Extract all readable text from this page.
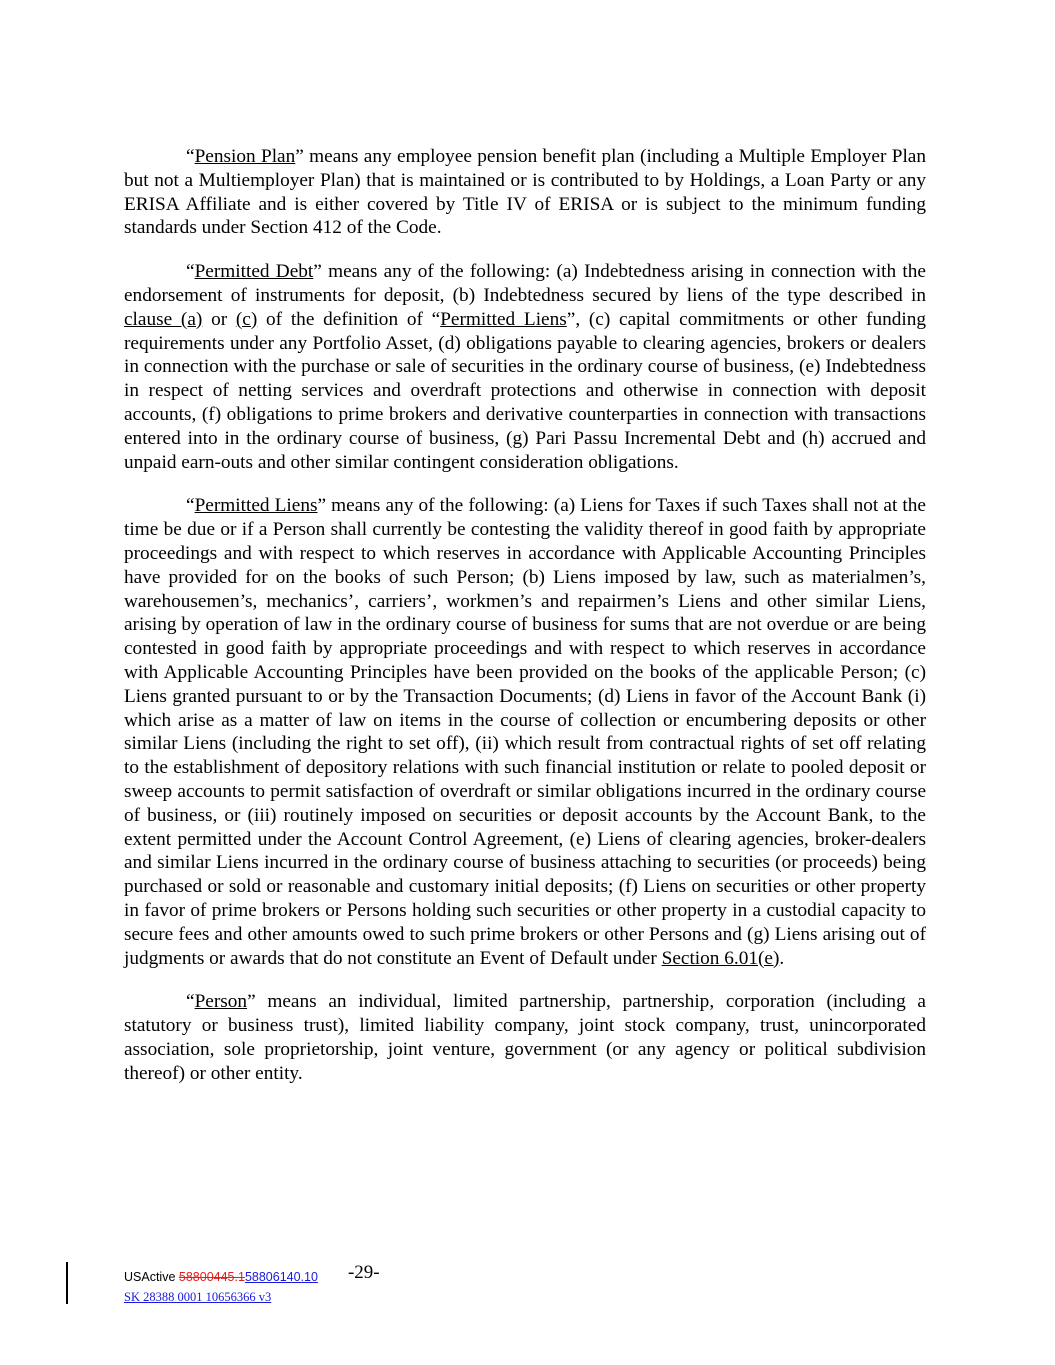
“Pension Plan” means any employee pension benefit plan (including a Multiple Employer Plan but not a Multiemployer Plan) that is maintained or is contributed to by Holdings, a Loan Party or any ERISA Affiliate and is either covered by Title IV of ERISA or is subject to the minimum funding standards under Section 412 of the Code.

“Permitted Debt” means any of the following: (a) Indebtedness arising in connection with the endorsement of instruments for deposit, (b) Indebtedness secured by liens of the type described in clause (a) or (c) of the definition of “Permitted Liens”, (c) capital commitments or other funding requirements under any Portfolio Asset, (d) obligations payable to clearing agencies, brokers or dealers in connection with the purchase or sale of securities in the ordinary course of business, (e) Indebtedness in respect of netting services and overdraft protections and otherwise in connection with deposit accounts, (f) obligations to prime brokers and derivative counterparties in connection with transactions entered into in the ordinary course of business, (g) Pari Passu Incremental Debt and (h) accrued and unpaid earn-outs and other similar contingent consideration obligations.

“Permitted Liens” means any of the following: (a) Liens for Taxes if such Taxes shall not at the time be due or if a Person shall currently be contesting the validity thereof in good faith by appropriate proceedings and with respect to which reserves in accordance with Applicable Accounting Principles have provided for on the books of such Person; (b) Liens imposed by law, such as materialmen’s, warehousemen’s, mechanics’, carriers’, workmen’s and repairmen’s Liens and other similar Liens, arising by operation of law in the ordinary course of business for sums that are not overdue or are being contested in good faith by appropriate proceedings and with respect to which reserves in accordance with Applicable Accounting Principles have been provided on the books of the applicable Person; (c) Liens granted pursuant to or by the Transaction Documents; (d) Liens in favor of the Account Bank (i) which arise as a matter of law on items in the course of collection or encumbering deposits or other similar Liens (including the right to set off), (ii) which result from contractual rights of set off relating to the establishment of depository relations with such financial institution or relate to pooled deposit or sweep accounts to permit satisfaction of overdraft or similar obligations incurred in the ordinary course of business, or (iii) routinely imposed on securities or deposit accounts by the Account Bank, to the extent permitted under the Account Control Agreement, (e) Liens of clearing agencies, broker-dealers and similar Liens incurred in the ordinary course of business attaching to securities (or proceeds) being purchased or sold or reasonable and customary initial deposits; (f) Liens on securities or other property in favor of prime brokers or Persons holding such securities or other property in a custodial capacity to secure fees and other amounts owed to such prime brokers or other Persons and (g) Liens arising out of judgments or awards that do not constitute an Event of Default under Section 6.01(e).

“Person” means an individual, limited partnership, partnership, corporation (including a statutory or business trust), limited liability company, joint stock company, trust, unincorporated association, sole proprietorship, joint venture, government (or any agency or political subdivision thereof) or other entity.

USActive 58800445.158806140.10 -29-
SK 28388 0001 10656366 v3
